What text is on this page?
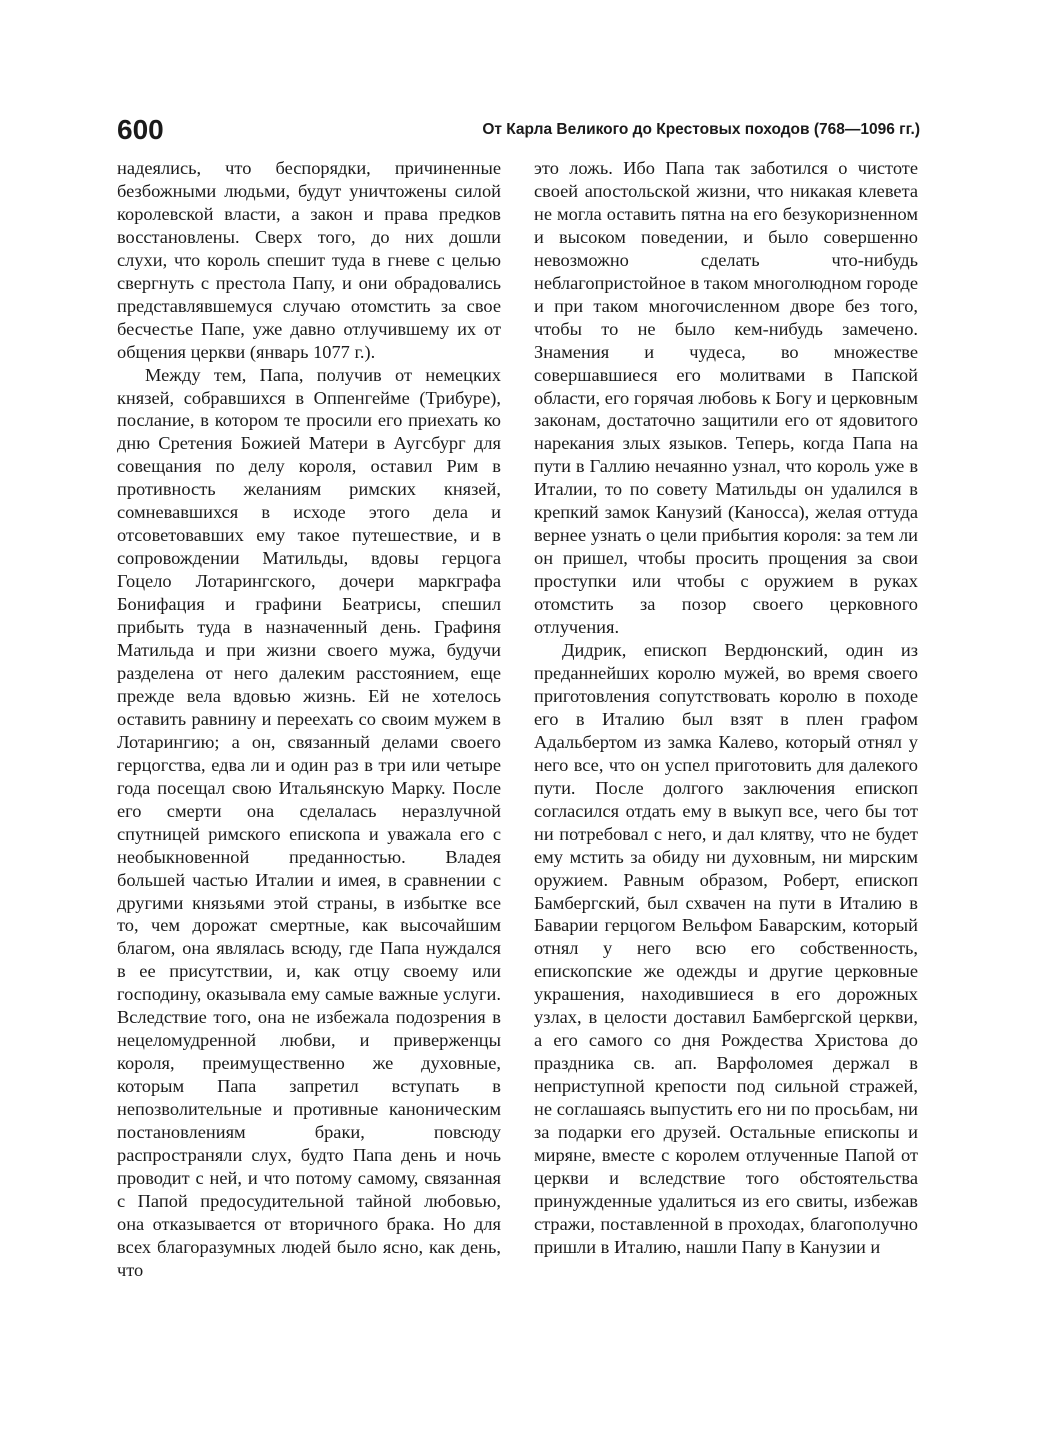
600	От Карла Великого до Крестовых походов (768—1096 гг.)

надеялись, что беспорядки, причиненные безбожными людьми, будут уничтожены силой королевской власти, а закон и права предков восстановлены. Сверх того, до них дошли слухи, что король спешит туда в гневе с целью свергнуть с престола Папу, и они обрадовались представлявшемуся случаю отомстить за свое бесчестье Папе, уже давно отлучившему их от общения церкви (январь 1077 г.).

Между тем, Папа, получив от немецких князей, собравшихся в Оппенгейме (Трибуре), послание, в котором те просили его приехать ко дню Сретения Божией Матери в Аугсбург для совещания по делу короля, оставил Рим в противность желаниям римских князей, сомневавшихся в исходе этого дела и отсоветовавших ему такое путешествие, и в сопровождении Матильды, вдовы герцога Гоцело Лотарингского, дочери маркграфа Бонифация и графини Беатрисы, спешил прибыть туда в назначенный день. Графиня Матильда и при жизни своего мужа, будучи разделена от него далеким расстоянием, еще прежде вела вдовью жизнь. Ей не хотелось оставить равнину и переехать со своим мужем в Лотарингию; а он, связанный делами своего герцогства, едва ли и один раз в три или четыре года посещал свою Итальянскую Марку. После его смерти она сделалась неразлучной спутницей римского епископа и уважала его с необыкновенной преданностью. Владея большей частью Италии и имея, в сравнении с другими князьями этой страны, в избытке все то, чем дорожат смертные, как высочайшим благом, она являлась всюду, где Папа нуждался в ее присутствии, и, как отцу своему или господину, оказывала ему самые важные услуги. Вследствие того, она не избежала подозрения в нецеломудренной любви, и приверженцы короля, преимущественно же духовные, которым Папа запретил вступать в непозволительные и противные каноническим постановлениям браки, повсюду распространяли слух, будто Папа день и ночь проводит с ней, и что потому самому, связанная с Папой предосудительной тайной любовью, она отказывается от вторичного брака. Но для всех благоразумных людей было ясно, как день, что

это ложь. Ибо Папа так заботился о чистоте своей апостольской жизни, что никакая клевета не могла оставить пятна на его безукоризненном и высоком поведении, и было совершенно невозможно сделать что-нибудь неблагопристойное в таком многолюдном городе и при таком многочисленном дворе без того, чтобы то не было кем-нибудь замечено. Знамения и чудеса, во множестве совершавшиеся его молитвами в Папской области, его горячая любовь к Богу и церковным законам, достаточно защитили его от ядовитого нарекания злых языков. Теперь, когда Папа на пути в Галлию нечаянно узнал, что король уже в Италии, то по совету Матильды он удалился в крепкий замок Канузий (Каносса), желая оттуда вернее узнать о цели прибытия короля: за тем ли он пришел, чтобы просить прощения за свои проступки или чтобы с оружием в руках отомстить за позор своего церковного отлучения.

Дидрик, епископ Вердюнский, один из преданнейших королю мужей, во время своего приготовления сопутствовать королю в походе его в Италию был взят в плен графом Адальбертом из замка Калево, который отнял у него все, что он успел приготовить для далекого пути. После долгого заключения епископ согласился отдать ему в выкуп все, чего бы тот ни потребовал с него, и дал клятву, что не будет ему мстить за обиду ни духовным, ни мирским оружием. Равным образом, Роберт, епископ Бамбергский, был схвачен на пути в Италию в Баварии герцогом Вельфом Баварским, который отнял у него всю его собственность, епископские же одежды и другие церковные украшения, находившиеся в его дорожных узлах, в целости доставил Бамбергской церкви, а его самого со дня Рождества Христова до праздника св. ап. Варфоломея держал в неприступной крепости под сильной стражей, не соглашаясь выпустить его ни по просьбам, ни за подарки его друзей. Остальные епископы и миряне, вместе с королем отлученные Папой от церкви и вследствие того обстоятельства принужденные удалиться из его свиты, избежав стражи, поставленной в проходах, благополучно пришли в Италию, нашли Папу в Канузии и
